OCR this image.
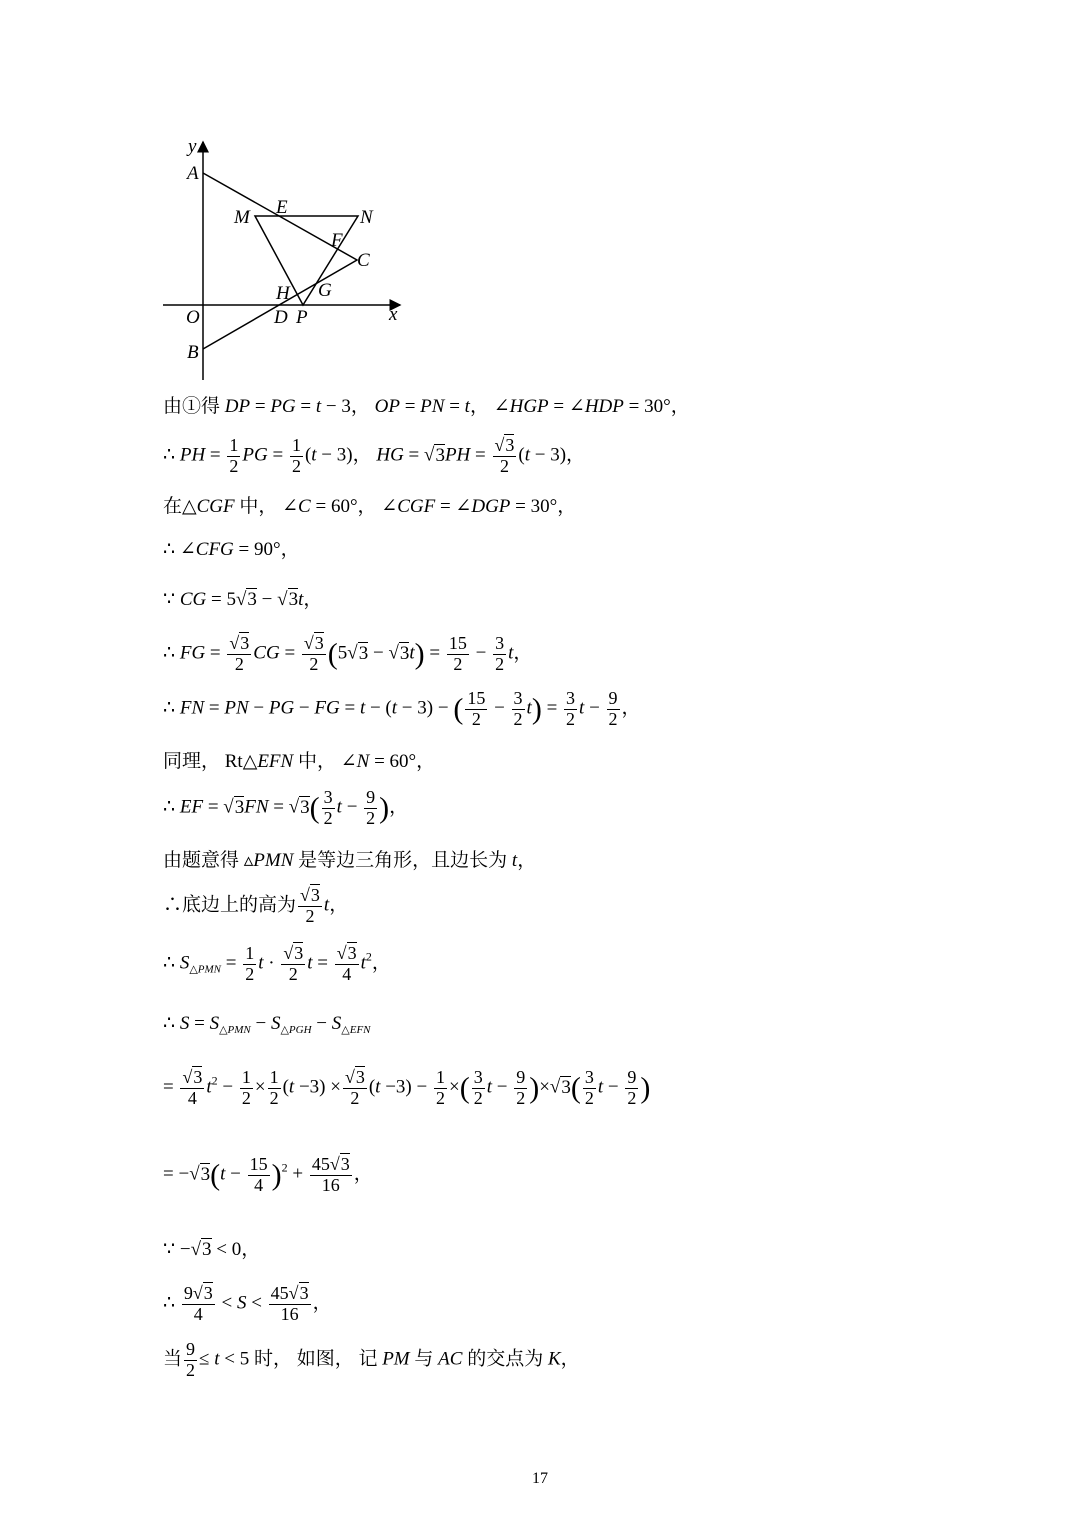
y
A
M E	N
F
C
H G
O	D P	x
B
由①得 DP = PG = t − 3， OP = PN = t， ∠HGP = ∠HDP = 30°，
∴ PH = $\frac{1}{2}$ PG = $\frac{1}{2} (t - 3)$， HG = $√3PH = \frac{√3}{2} (t - 3)$，
在△CGF 中， ∠C = 60°， ∠CGF = ∠DGP = 30°，
∴ ∠CFG = 90°，
∵ CG = 5√3 − √3t，
∴ FG = $\frac{√3}{2}$ CG = $\frac{√3}{2} (5√3 - √3t) = \frac{15}{2} - \frac{3}{2}$ t，
∴ FN = PN − PG − FG = t − (t − 3) − ( $\frac{15}{2} - \frac{3}{2} t) = \frac{3}{2}$ $t - \frac{9}{2}$ ，
同理， Rt△EFN 中， ∠N = 60°，
∴ EF = $√3FN = √3( \frac{3}{2}$ $t - \frac{9}{2}$ )，
由题意得 ▵PMN 是等边三角形，且边长为 t，
∴底边上的高为 $\frac{√3}{2}$ t，
∴ $S_{\triangle PMN} = \frac{1}{2}$ $t \cdot \frac{√3}{2}$ $t = \frac{√3}{4} t^2$，
∴ $S = S_{\triangle PMN} - S_{\triangle PGH} - S_{\triangle EFN}$
= $\frac{√3}{4} t^2 - \frac{1}{2} \times \frac{1}{2} (t -3) \times \frac{√3}{2} (t -3) - \frac{1}{2}$ ×( $\frac{3}{2}$ $t - \frac{9}{2} )\times√3( \frac{3}{2}$ $t - \frac{9}{2}$ )
= $-√3(t - \frac{15}{4} )^2 + \frac{45√3}{16}$ ，
∵ −√3 < 0，
∴ $\frac{9√3}{4} < S < \frac{45√3}{16}$ ，
当 $\frac{9}{2} \le t < 5$ 时， 如图， 记 PM 与 AC 的交点为 K，
17
